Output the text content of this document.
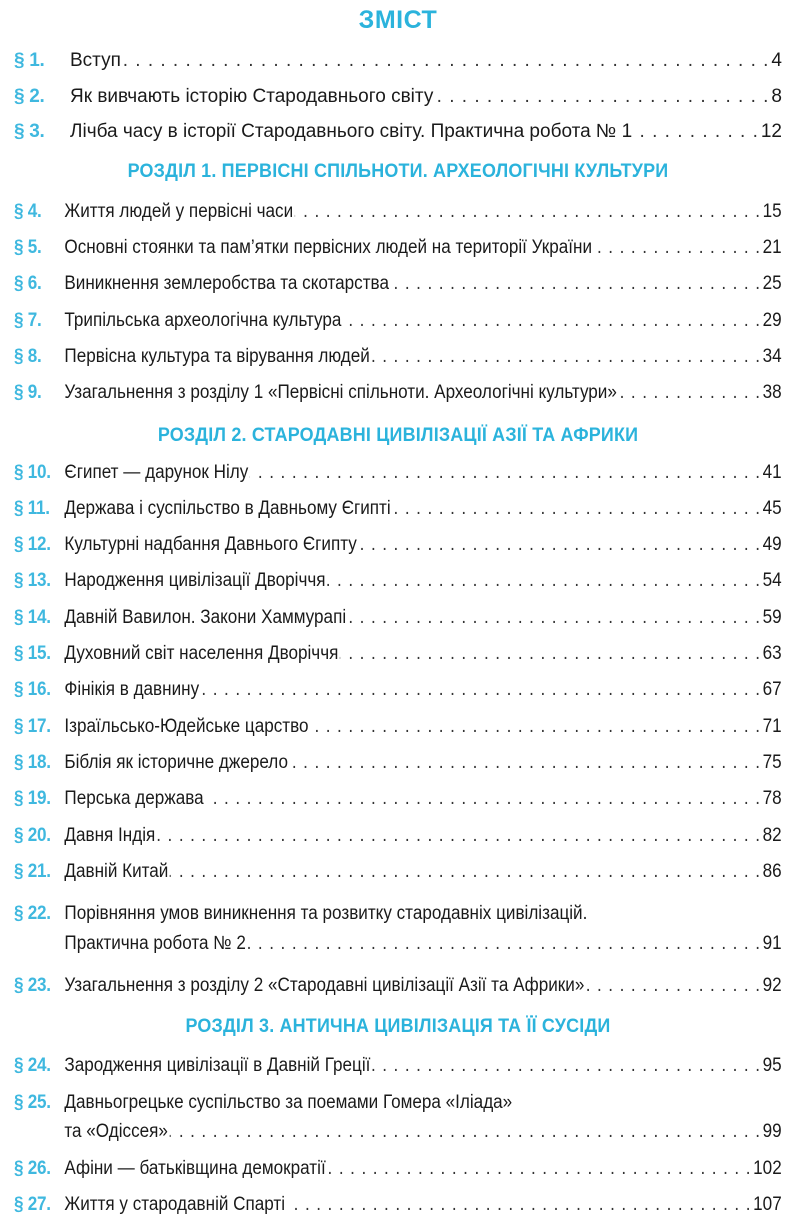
ЗМІСТ
§ 1.	Вступ . . .	4
§ 2.	Як вивчають історію Стародавнього світу . . .	8
§ 3.	Лічба часу в історії Стародавнього світу. Практична робота № 1 . . .	12
РОЗДІЛ 1. ПЕРВІСНІ СПІЛЬНОТИ. АРХЕОЛОГІЧНІ КУЛЬТУРИ
§ 4.	Життя людей у первісні часи . . .	15
§ 5.	Основні стоянки та пам’ятки первісних людей на території України . . .	21
§ 6.	Виникнення землеробства та скотарства . . .	25
§ 7.	Трипільська археологічна культура . . .	29
§ 8.	Первісна культура та вірування людей . . .	34
§ 9.	Узагальнення з розділу 1 «Первісні спільноти. Археологічні культури» . . .	38
РОЗДІЛ 2. СТАРОДАВНІ ЦИВІЛІЗАЦІЇ АЗІЇ ТА АФРИКИ
§ 10. Єгипет — дарунок Нілу . . .	41
§ 11. Держава і суспільство в Давньому Єгипті . . .	45
§ 12. Культурні надбання Давнього Єгипту . . .	49
§ 13. Народження цивілізації Дворіччя . . .	54
§ 14. Давній Вавилон. Закони Хаммурапі . . .	59
§ 15. Духовний світ населення Дворіччя . . .	63
§ 16. Фінікія в давнину . . .	67
§ 17. Ізраїльсько-Юдейське царство . . .	71
§ 18. Біблія як історичне джерело . . .	75
§ 19. Перська держава . . .	78
§ 20. Давня Індія . . .	82
§ 21. Давній Китай . . .	86
§ 22. Порівняння умов виникнення та розвитку стародавніх цивілізацій.
Практична робота № 2 . . .	91
§ 23. Узагальнення з розділу 2 «Стародавні цивілізації Азії та Африки» . . .	92
РОЗДІЛ 3. АНТИЧНА ЦИВІЛІЗАЦІЯ ТА ЇЇ СУСІДИ
§ 24. Зародження цивілізації в Давній Греції . . .	95
§ 25. Давньогрецьке суспільство за поемами Гомера «Іліада»
та «Одіссея» . . .	99
§ 26. Афіни — батьківщина демократії . . .	102
§ 27. Життя у стародавній Спарті . . .	107
